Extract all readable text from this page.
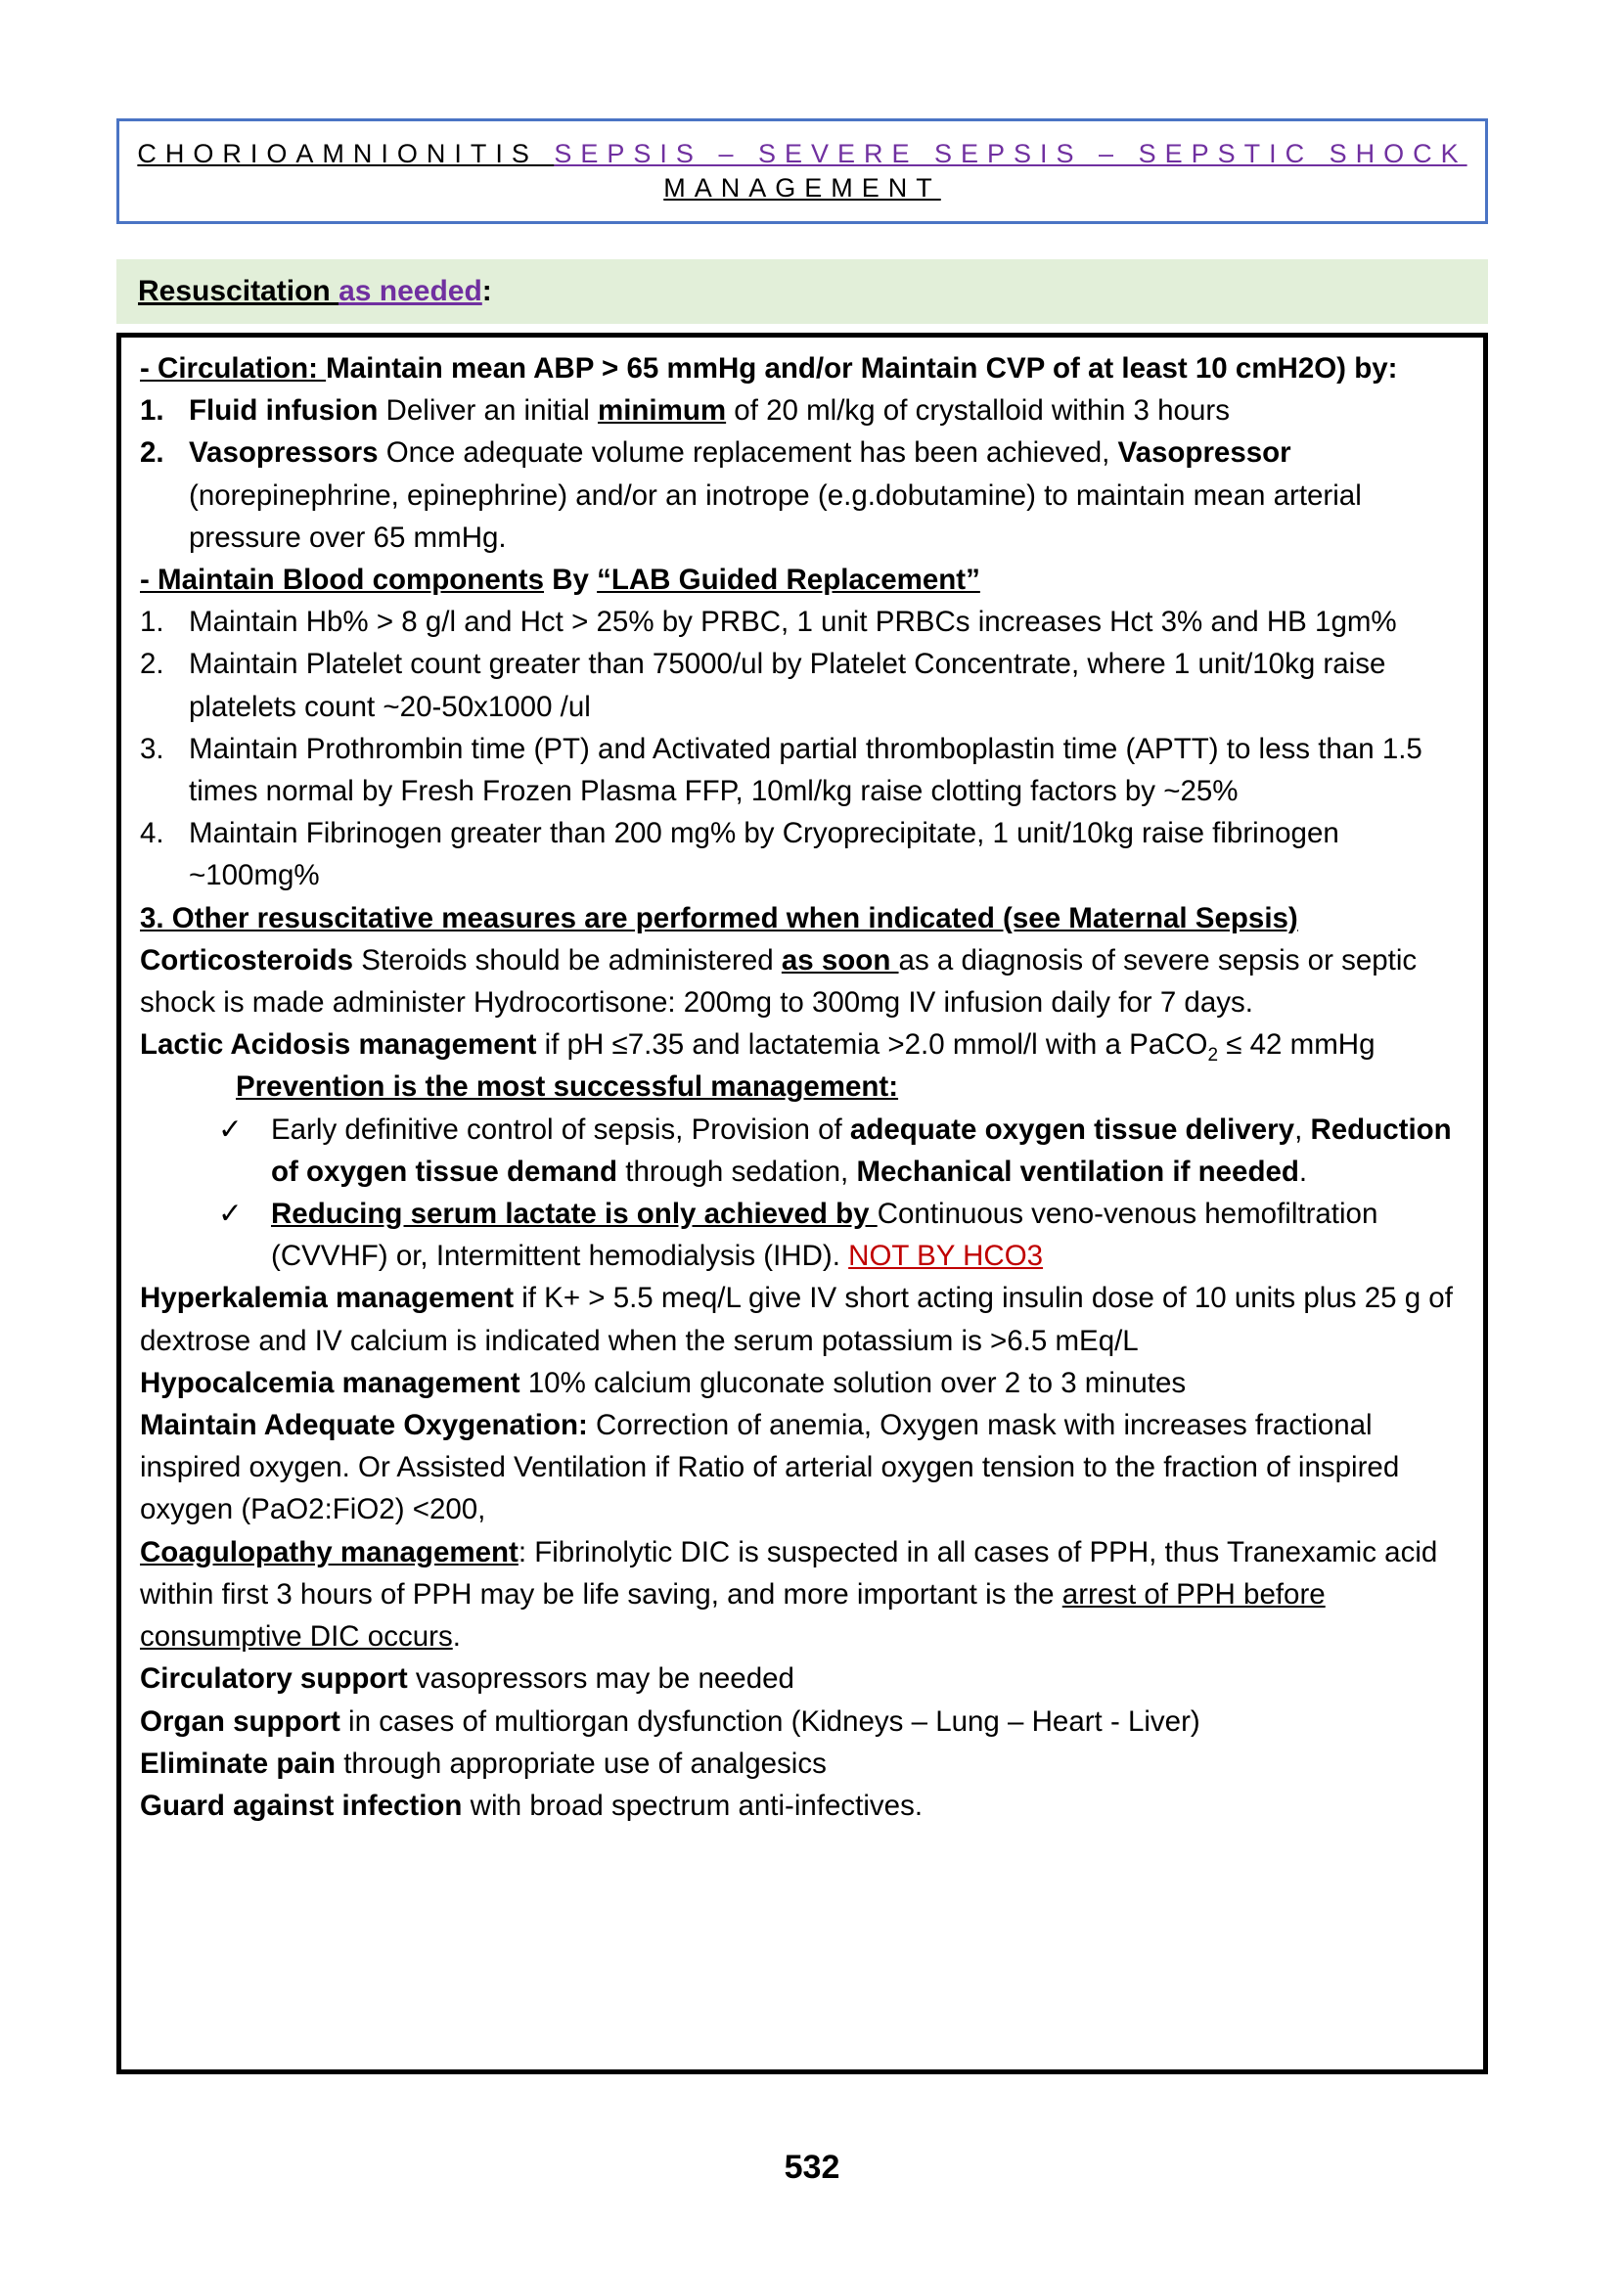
CHORIOAMNIONITIS SEPSIS – SEVERE SEPSIS – SEPSTIC SHOCK
MANAGEMENT
Resuscitation as needed:

- Circulation: Maintain mean ABP > 65 mmHg and/or Maintain CVP of at least 10 cmH2O) by:

1. Fluid infusion Deliver an initial minimum of 20 ml/kg of crystalloid within 3 hours

2. Vasopressors Once adequate volume replacement has been achieved, Vasopressor (norepinephrine, epinephrine) and/or an inotrope (e.g.dobutamine) to maintain mean arterial pressure over 65 mmHg.

- Maintain Blood components By “LAB Guided Replacement”

1. Maintain Hb% > 8 g/l and Hct > 25% by PRBC, 1 unit PRBCs increases Hct 3% and HB 1gm%

2. Maintain Platelet count greater than 75000/ul by Platelet Concentrate, where 1 unit/10kg raise platelets count ~20-50x1000 /ul

3. Maintain Prothrombin time (PT) and Activated partial thromboplastin time (APTT) to less than 1.5 times normal by Fresh Frozen Plasma FFP, 10ml/kg raise clotting factors by ~25%

4. Maintain Fibrinogen greater than 200 mg% by Cryoprecipitate, 1 unit/10kg raise fibrinogen ~100mg%

3. Other resuscitative measures are performed when indicated (see Maternal Sepsis)

Corticosteroids Steroids should be administered as soon as a diagnosis of severe sepsis or septic shock is made administer Hydrocortisone: 200mg to 300mg IV infusion daily for 7 days.

Lactic Acidosis management if pH ≤7.35 and lactatemia >2.0 mmol/l with a PaCO$_2$ ≤ 42 mmHg

Prevention is the most successful management:

✓ Early definitive control of sepsis, Provision of adequate oxygen tissue delivery, Reduction of oxygen tissue demand through sedation, Mechanical ventilation if needed.

✓ Reducing serum lactate is only achieved by Continuous veno-venous hemofiltration (CVVHF) or, Intermittent hemodialysis (IHD). NOT BY HCO3

Hyperkalemia management if K+ > 5.5 meq/L give IV short acting insulin dose of 10 units plus 25 g of dextrose and IV calcium is indicated when the serum potassium is >6.5 mEq/L

Hypocalcemia management 10% calcium gluconate solution over 2 to 3 minutes

Maintain Adequate Oxygenation: Correction of anemia, Oxygen mask with increases fractional inspired oxygen. Or Assisted Ventilation if Ratio of arterial oxygen tension to the fraction of inspired oxygen (PaO2:FiO2) <200,

Coagulopathy management: Fibrinolytic DIC is suspected in all cases of PPH, thus Tranexamic acid within first 3 hours of PPH may be life saving, and more important is the arrest of PPH before consumptive DIC occurs.

Circulatory support vasopressors may be needed

Organ support in cases of multiorgan dysfunction (Kidneys – Lung – Heart - Liver)

Eliminate pain through appropriate use of analgesics

Guard against infection with broad spectrum anti-infectives.

532
